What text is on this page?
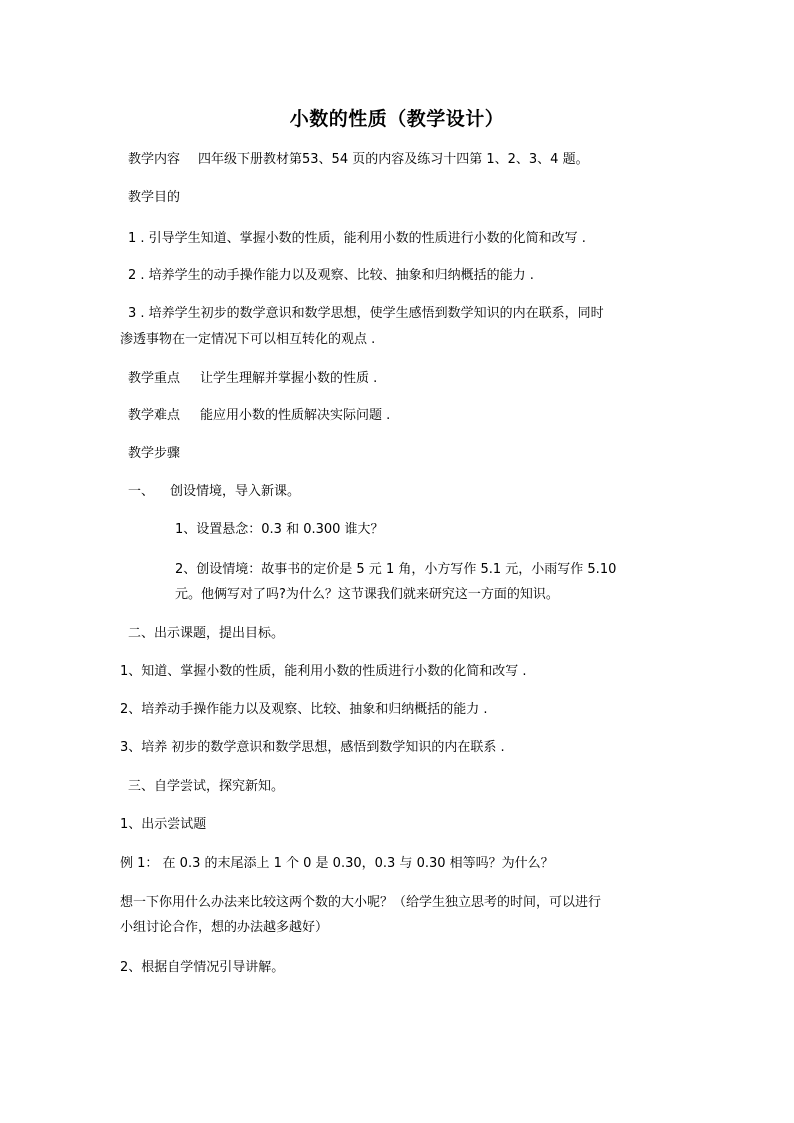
小数的性质（教学设计）
教学内容 四年级下册教材第53、54 页的内容及练习十四第 1、2、3、4 题。
教学目的
1 . 引导学生知道、掌握小数的性质，能利用小数的性质进行小数的化简和改写 .
2 . 培养学生的动手操作能力以及观察、比较、抽象和归纳概括的能力 .
3 . 培养学生初步的数学意识和数学思想，使学生感悟到数学知识的内在联系，同时
渗透事物在一定情况下可以相互转化的观点 .
教学重点 让学生理解并掌握小数的性质 .
教学难点 能应用小数的性质解决实际问题 .
教学步骤
一、 创设情境，导入新课。
1、设置悬念：0.3 和 0.300 谁大？
2、创设情境：故事书的定价是 5 元 1 角，小方写作 5.1 元，小雨写作 5.10
元。他俩写对了吗?为什么？这节课我们就来研究这一方面的知识。
二、出示课题，提出目标。
1、知道、掌握小数的性质，能利用小数的性质进行小数的化简和改写 .
2、培养动手操作能力以及观察、比较、抽象和归纳概括的能力 .
3、培养 初步的数学意识和数学思想，感悟到数学知识的内在联系 .
三、自学尝试，探究新知。
1、出示尝试题
例 1： 在 0.3 的末尾添上 1 个 0 是 0.30，0.3 与 0.30 相等吗？为什么？
想一下你用什么办法来比较这两个数的大小呢？（给学生独立思考的时间，可以进行
小组讨论合作，想的办法越多越好）
2、根据自学情况引导讲解。
